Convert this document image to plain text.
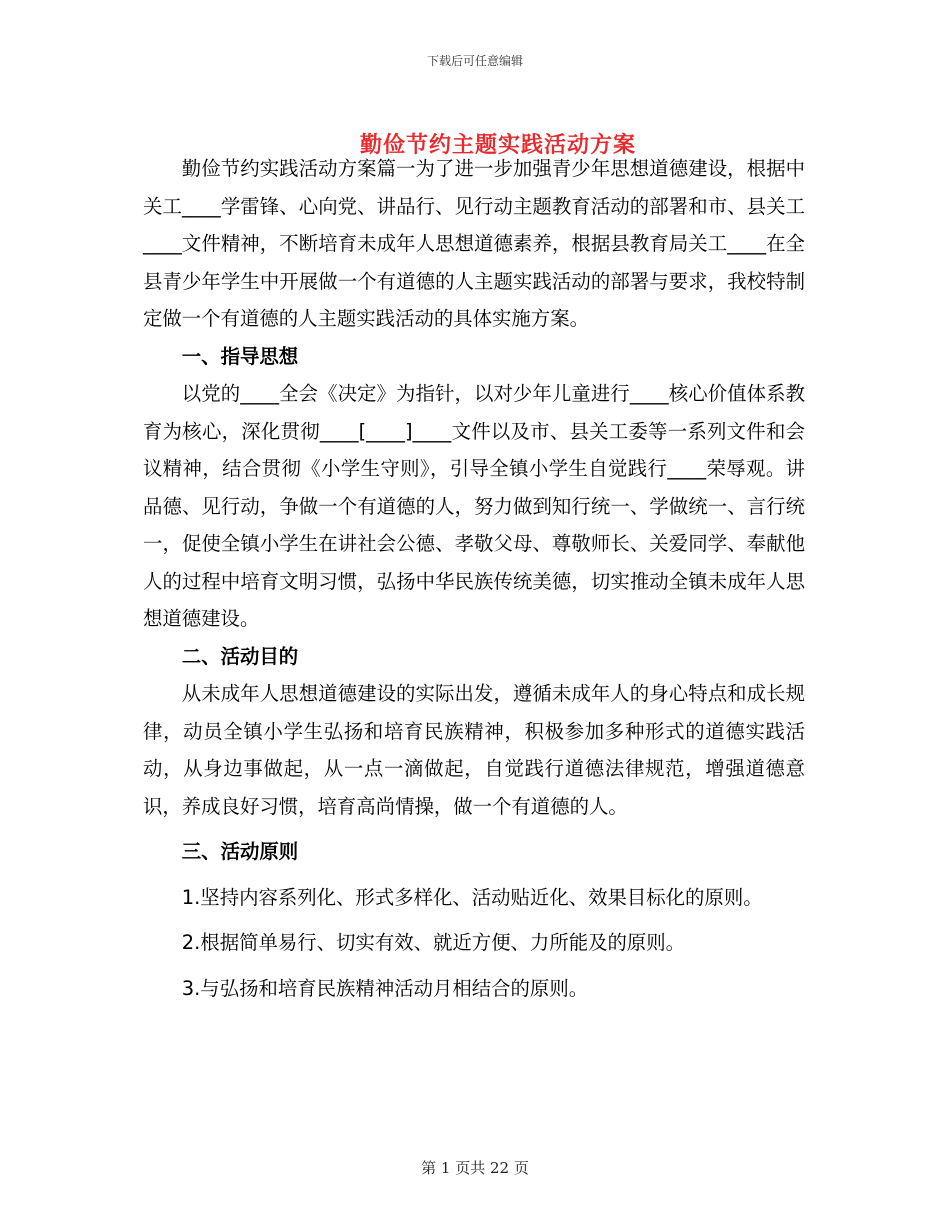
下载后可任意编辑
勤俭节约主题实践活动方案

勤俭节约实践活动方案篇一为了进一步加强青少年思想道德建设，根据中关工____学雷锋、心向党、讲品行、见行动主题教育活动的部署和市、县关工____文件精神，不断培育未成年人思想道德素养，根据县教育局关工____在全县青少年学生中开展做一个有道德的人主题实践活动的部署与要求，我校特制定做一个有道德的人主题实践活动的具体实施方案。

一、指导思想

以党的____全会《决定》为指针，以对少年儿童进行____核心价值体系教育为核心，深化贯彻____[____]____文件以及市、县关工委等一系列文件和会议精神，结合贯彻《小学生守则》，引导全镇小学生自觉践行____荣辱观。讲品德、见行动，争做一个有道德的人，努力做到知行统一、学做统一、言行统一，促使全镇小学生在讲社会公德、孝敬父母、尊敬师长、关爱同学、奉献他人的过程中培育文明习惯，弘扬中华民族传统美德，切实推动全镇未成年人思想道德建设。

二、活动目的

从未成年人思想道德建设的实际出发，遵循未成年人的身心特点和成长规律，动员全镇小学生弘扬和培育民族精神，积极参加多种形式的道德实践活动，从身边事做起，从一点一滴做起，自觉践行道德法律规范，增强道德意识，养成良好习惯，培育高尚情操，做一个有道德的人。

三、活动原则

1.坚持内容系列化、形式多样化、活动贴近化、效果目标化的原则。

2.根据简单易行、切实有效、就近方便、力所能及的原则。

3.与弘扬和培育民族精神活动月相结合的原则。

第 1 页共 22 页
